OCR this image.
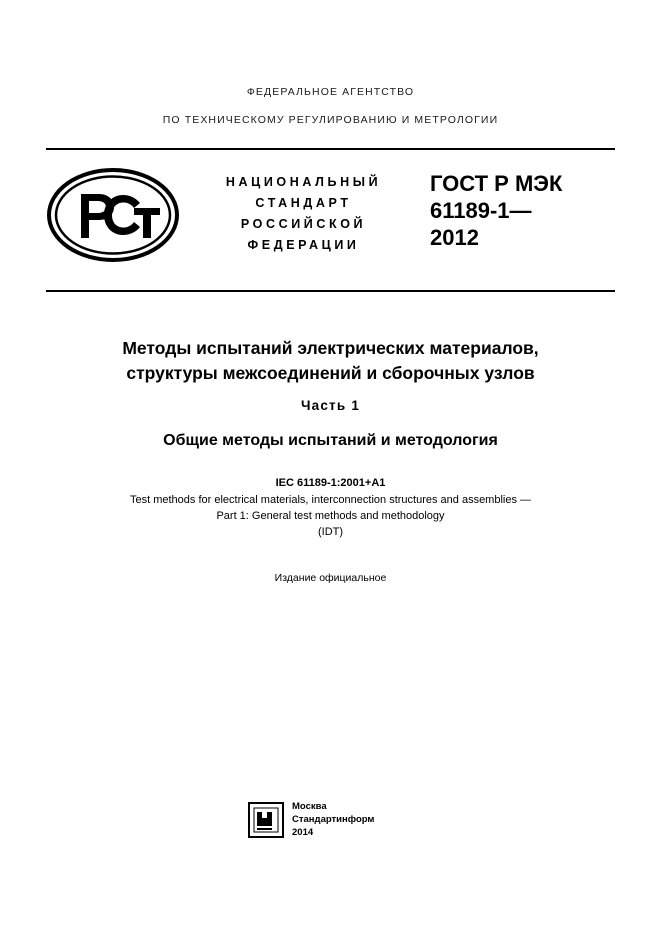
ФЕДЕРАЛЬНОЕ АГЕНТСТВО
ПО ТЕХНИЧЕСКОМУ РЕГУЛИРОВАНИЮ И МЕТРОЛОГИИ
НАЦИОНАЛЬНЫЙ
СТАНДАРТ
РОССИЙСКОЙ
ФЕДЕРАЦИИ
ГОСТ Р МЭК
61189-1—
2012
Методы испытаний электрических материалов,
структуры межсоединений и сборочных узлов
Часть 1
Общие методы испытаний и методология
IEC 61189-1:2001+A1
Test methods for electrical materials, interconnection structures and assemblies —
Part 1: General test methods and methodology
(IDT)
Издание официальное
Москва
Стандартинформ
2014
